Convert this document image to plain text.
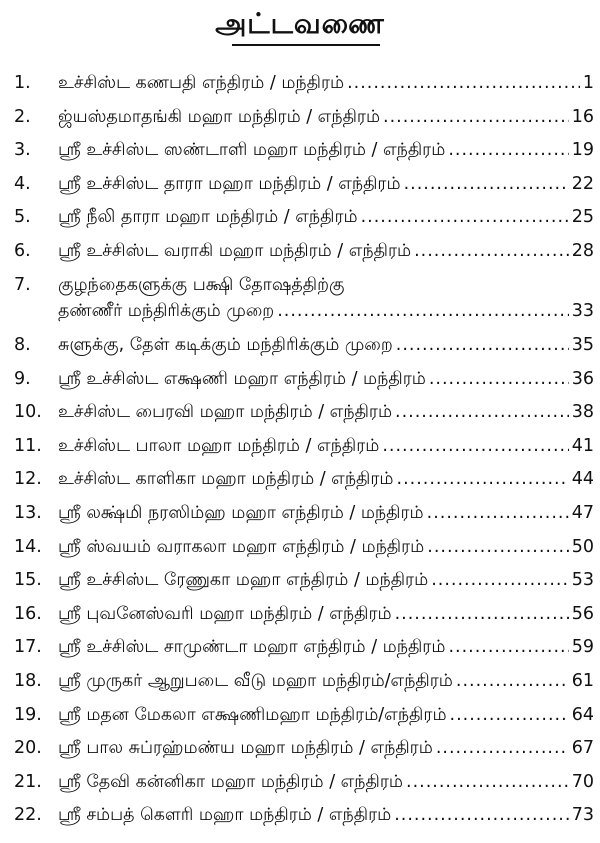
அட்டவணை
1.	உச்சிஸ்ட கணபதி எந்திரம் / மந்திரம் .....	1
2.	ஜ்யஸ்தமாதங்கி மஹா மந்திரம் / எந்திரம் .....	16
3.	ஸ்ரீ உச்சிஸ்ட ஸண்டாளி மஹா மந்திரம் / எந்திரம் .....	19
4.	ஸ்ரீ உச்சிஸ்ட தாரா மஹா மந்திரம் / எந்திரம் .....	22
5.	ஸ்ரீ நீலி தாரா மஹா மந்திரம் / எந்திரம் .....	25
6.	ஸ்ரீ உச்சிஸ்ட வராகி மஹா மந்திரம் / எந்திரம் .....	28
7.	குழந்தைகளுக்கு பக்ஷி தோஷத்திற்கு
தண்ணீர் மந்திரிக்கும் முறை .....	33
8.	சுளுக்கு, தேள் கடிக்கும் மந்திரிக்கும் முறை .....	35
9.	ஸ்ரீ உச்சிஸ்ட எக்ஷணி மஹா எந்திரம் / மந்திரம் .....	36
10. உச்சிஸ்ட பைரவி மஹா மந்திரம் / எந்திரம் .....	38
11. உச்சிஸ்ட பாலா மஹா மந்திரம் / எந்திரம் .....	41
12. உச்சிஸ்ட காளிகா மஹா மந்திரம் / எந்திரம் .....	44
13. ஸ்ரீ லக்ஷ்மி நரஸிம்ஹ மஹா எந்திரம் / மந்திரம் .....	47
14. ஸ்ரீ ஸ்வயம் வராகலா மஹா எந்திரம் / மந்திரம் .....	50
15. ஸ்ரீ உச்சிஸ்ட ரேணுகா மஹா எந்திரம் / மந்திரம் .....	53
16. ஸ்ரீ புவனேஸ்வரி மஹா மந்திரம் / எந்திரம் .....	56
17. ஸ்ரீ உச்சிஸ்ட சாமுண்டா மஹா எந்திரம் / மந்திரம் .....	59
18. ஸ்ரீ முருகர் ஆறுபடை வீடு மஹா மந்திரம்/எந்திரம் .....	61
19. ஸ்ரீ மதன மேகலா எக்ஷணிமஹா மந்திரம்/எந்திரம் .....	64
20. ஸ்ரீ பால சுப்ரஹ்மண்ய மஹா மந்திரம் / எந்திரம் .....	67
21. ஸ்ரீ தேவி கன்னிகா மஹா மந்திரம் / எந்திரம் .....	70
22. ஸ்ரீ சம்பத் கௌரி மஹா மந்திரம் / எந்திரம் .....	73
